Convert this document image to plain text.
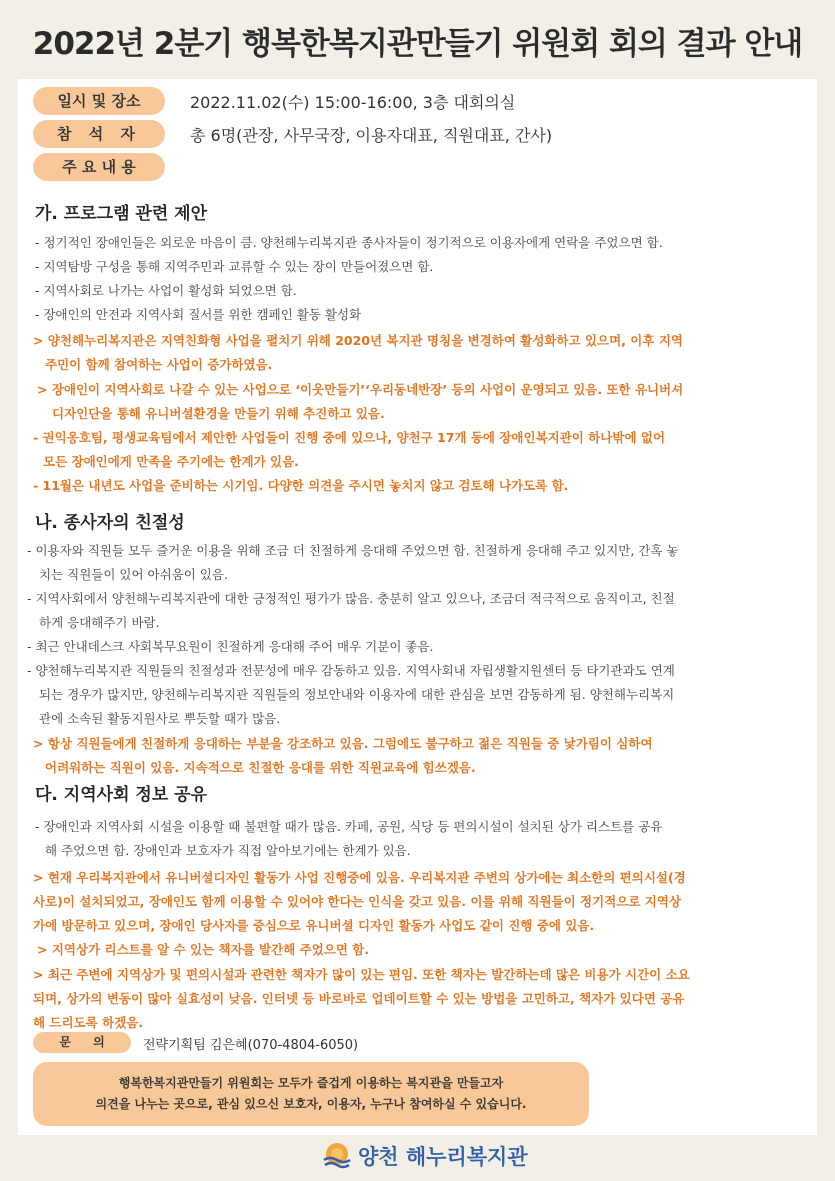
2022년 2분기 행복한복지관만들기 위원회 회의 결과 안내
일시 및 장소	2022.11.02(수) 15:00-16:00, 3층 대회의실
참 석 자	총 6명(관장, 사무국장, 이용자대표, 직원대표, 간사)
주 요 내 용
가. 프로그램 관련 제안
- 정기적인 장애인들은 외로운 마음이 큼. 양천해누리복지관 종사자들이 정기적으로 이용자에게 연락을 주었으면 함.
- 지역탐방 구성을 통해 지역주민과 교류할 수 있는 장이 만들어졌으면 함.
- 지역사회로 나가는 사업이 활성화 되었으면 함.
- 장애인의 안전과 지역사회 질서를 위한 캠페인 활동 활성화
> 양천해누리복지관은 지역친화형 사업을 펼치기 위해 2020년 복지관 명칭을 변경하여 활성화하고 있으며, 이후 지역
주민이 함께 참여하는 사업이 증가하였음.
> 장애인이 지역사회로 나갈 수 있는 사업으로 ‘이웃만들기’‘우리동네반장’ 등의 사업이 운영되고 있음. 또한 유니버셔
디자인단을 통해 유니버셜환경을 만들기 위해 추진하고 있음.
- 권익옹호팀, 평생교육팀에서 제안한 사업들이 진행 중에 있으나, 양천구 17개 동에 장애인복지관이 하나밖에 없어
모든 장애인에게 만족을 주기에는 한계가 있음.
- 11월은 내년도 사업을 준비하는 시기임. 다양한 의견을 주시면 놓치지 않고 검토해 나가도록 함.
나. 종사자의 친절성
- 이용자와 직원들 모두 즐거운 이용을 위해 조금 더 친절하게 응대해 주었으면 함. 친절하게 응대해 주고 있지만, 간혹 놓
치는 직원들이 있어 아쉬움이 있음.
- 지역사회에서 양천해누리복지관에 대한 긍정적인 평가가 많음. 충분히 알고 있으나, 조금더 적극적으로 움직이고, 친절
하게 응대해주기 바람.
- 최근 안내데스크 사회복무요원이 친절하게 응대해 주어 매우 기분이 좋음.
- 양천해누리복지관 직원들의 친절성과 전문성에 매우 감동하고 있음. 지역사회내 자립생활지원센터 등 타기관과도 연계
되는 경우가 많지만, 양천해누리복지관 직원들의 정보안내와 이용자에 대한 관심을 보면 감동하게 됨. 양천해누리복지
관에 소속된 활동지원사로 뿌듯할 때가 많음.
> 항상 직원들에게 친절하게 응대하는 부분을 강조하고 있음. 그럼에도 불구하고 젊은 직원들 중 낯가림이 심하여
어려워하는 직원이 있음. 지속적으로 친절한 응대를 위한 직원교육에 힘쓰겠음.
다. 지역사회 정보 공유
- 장애인과 지역사회 시설을 이용할 때 불편할 때가 많음. 카페, 공원, 식당 등 편의시설이 설치된 상가 리스트를 공유
해 주었으면 함. 장애인과 보호자가 직접 알아보기에는 한계가 있음.
> 현재 우리복지관에서 유니버셜디자인 활동가 사업 진행중에 있음. 우리복지관 주변의 상가에는 최소한의 편의시설(경
사로)이 설치되었고, 장애인도 함께 이용할 수 있어야 한다는 인식을 갖고 있음. 이를 위해 직원들이 정기적으로 지역상
가에 방문하고 있으며, 장애인 당사자를 중심으로 유니버셜 디자인 활동가 사업도 같이 진행 중에 있음.
> 지역상가 리스트를 알 수 있는 책자를 발간해 주었으면 함.
> 최근 주변에 지역상가 및 편의시설과 관련한 책자가 많이 있는 편임. 또한 책자는 발간하는데 많은 비용가 시간이 소요
되며, 상가의 변동이 많아 실효성이 낮음. 인터넷 등 바로바로 업데이트할 수 있는 방법을 고민하고, 책자가 있다면 공유
해 드리도록 하겠음.
문 의	전략기획팀 김은혜(070-4804-6050)
행복한복지관만들기 위원회는 모두가 즐겁게 이용하는 복지관을 만들고자
의견을 나누는 곳으로, 관심 있으신 보호자, 이용자, 누구나 참여하실 수 있습니다.
양천 해누리복지관
